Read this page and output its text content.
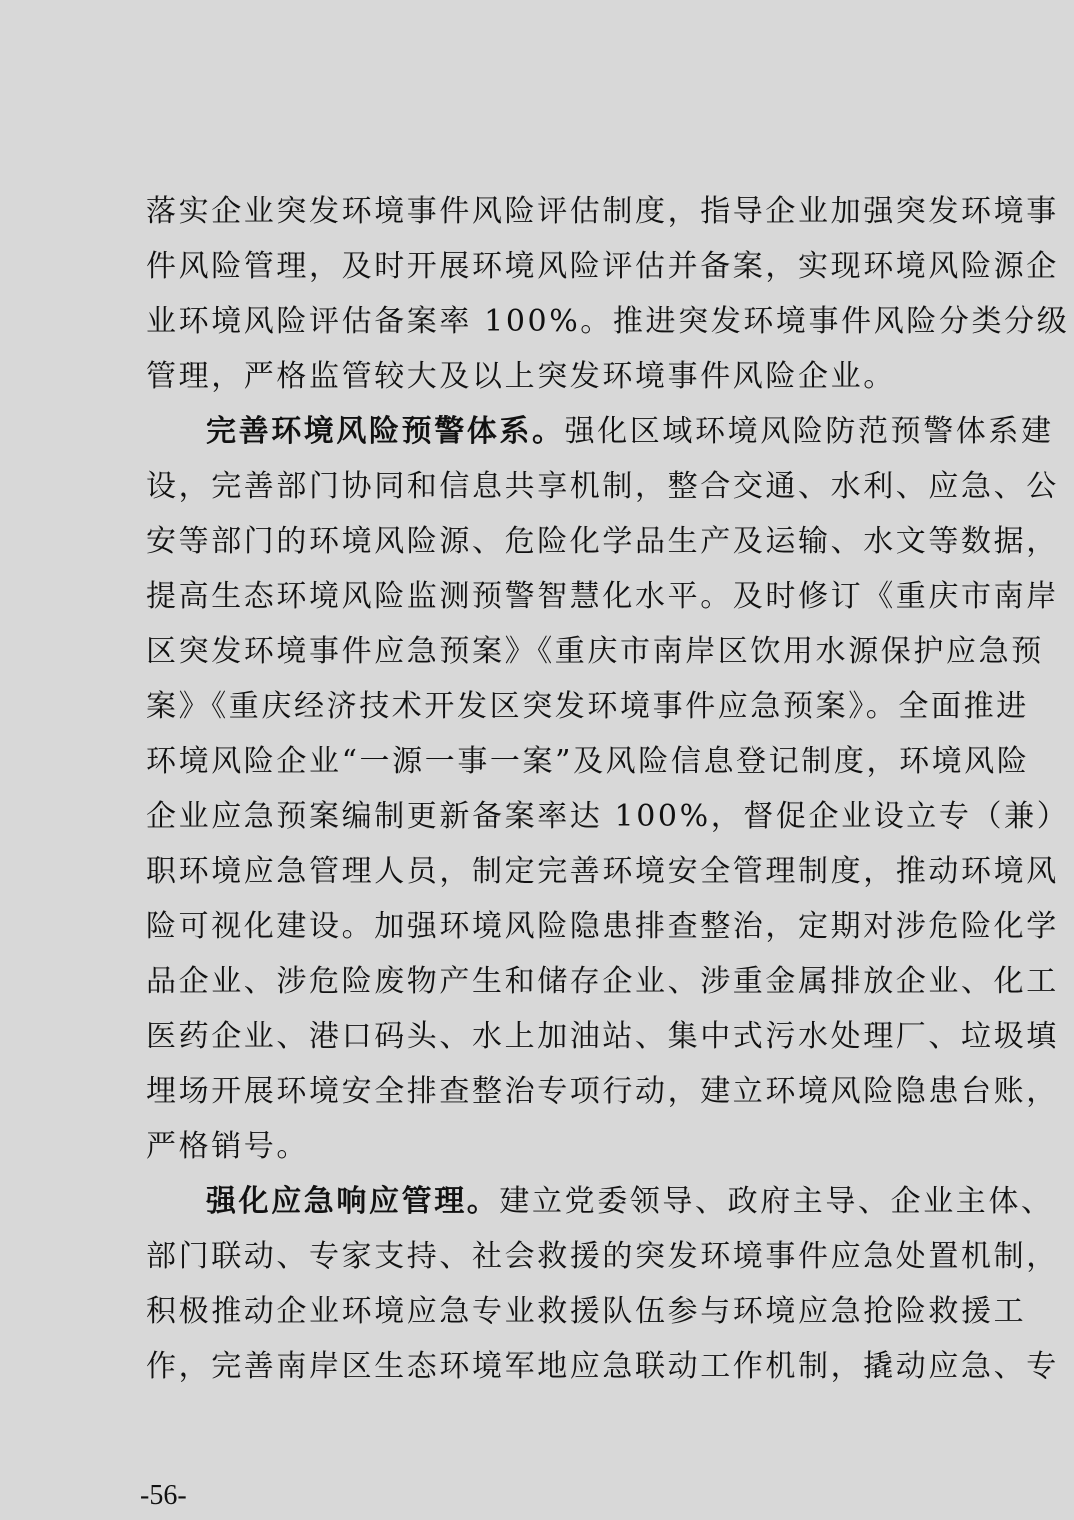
落实企业突发环境事件风险评估制度，指导企业加强突发环境事
件风险管理，及时开展环境风险评估并备案，实现环境风险源企
业环境风险评估备案率 100%。推进突发环境事件风险分类分级
管理，严格监管较大及以上突发环境事件风险企业。
完善环境风险预警体系。强化区域环境风险防范预警体系建
设，完善部门协同和信息共享机制，整合交通、水利、应急、公
安等部门的环境风险源、危险化学品生产及运输、水文等数据，
提高生态环境风险监测预警智慧化水平。及时修订《重庆市南岸
区突发环境事件应急预案》《重庆市南岸区饮用水源保护应急预
案》《重庆经济技术开发区突发环境事件应急预案》。全面推进
环境风险企业“一源一事一案”及风险信息登记制度，环境风险
企业应急预案编制更新备案率达 100%，督促企业设立专（兼）
职环境应急管理人员，制定完善环境安全管理制度，推动环境风
险可视化建设。加强环境风险隐患排查整治，定期对涉危险化学
品企业、涉危险废物产生和储存企业、涉重金属排放企业、化工
医药企业、港口码头、水上加油站、集中式污水处理厂、垃圾填
埋场开展环境安全排查整治专项行动，建立环境风险隐患台账，
严格销号。
强化应急响应管理。建立党委领导、政府主导、企业主体、
部门联动、专家支持、社会救援的突发环境事件应急处置机制，
积极推动企业环境应急专业救援队伍参与环境应急抢险救援工
作，完善南岸区生态环境军地应急联动工作机制，撬动应急、专
-56-
